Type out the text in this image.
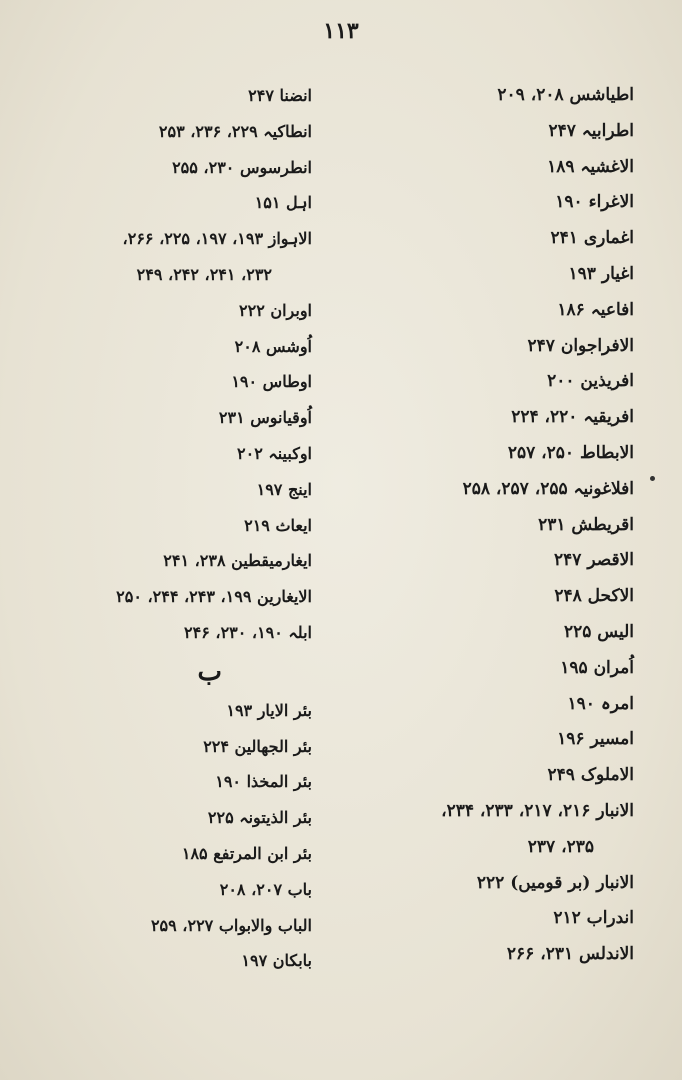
١١٣
اطیاشس ۲۰۸، ۲۰۹
اطرابیہ ۲۴۷
الاغشیہ ۱۸۹
الاغراء ۱۹۰
اغماری ۲۴۱
اغیار ۱۹۳
افاعیہ ۱۸۶
الافراجوان ۲۴۷
افریذین ۲۰۰
افریقیہ ۲۲۰، ۲۲۴
الابطاط ۲۵۰، ۲۵۷
افلاغونیہ ۲۵۵، ۲۵۷، ۲۵۸
اقریطش ۲۳۱
الاقصر ۲۴۷
الاکحل ۲۴۸
الیس ۲۲۵
اُمران ۱۹۵
امرہ ۱۹۰
امسیر ۱۹۶
الاملوک ۲۴۹
الانبار ۲۱۶، ۲۱۷، ۲۳۳، ۲۳۴،
۲۳۵، ۲۳۷
الانبار (بر قومیں) ۲۲۲
اندراب ۲۱۲
الاندلس ۲۳۱، ۲۶۶
انضنا ۲۴۷
انطاکیہ ۲۲۹، ۲۳۶، ۲۵۳
انطرسوس ۲۳۰، ۲۵۵
اہل ۱۵۱
الاہواز ۱۹۳، ۱۹۷، ۲۲۵، ۲۶۶،
۲۳۲، ۲۴۱، ۲۴۲، ۲۴۹
اوبران ۲۲۲
اُوشس ۲۰۸
اوطاس ۱۹۰
اُوقیانوس ۲۳۱
اوکبینہ ۲۰۲
اینج ۱۹۷
ایعاث ۲۱۹
ایغارمیقطین ۲۳۸، ۲۴۱
الایغارین ۱۹۹، ۲۴۳، ۲۴۴، ۲۵۰
ابلہ ۱۹۰، ۲۳۰، ۲۴۶
ب
بئر الایار ۱۹۳
بئر الجھالین ۲۲۴
بئر المخذا ۱۹۰
بئر الذیتونہ ۲۲۵
بئر ابن المرتفع ۱۸۵
باب ۲۰۷، ۲۰۸
الباب والابواب ۲۲۷، ۲۵۹
بابکان ۱۹۷
